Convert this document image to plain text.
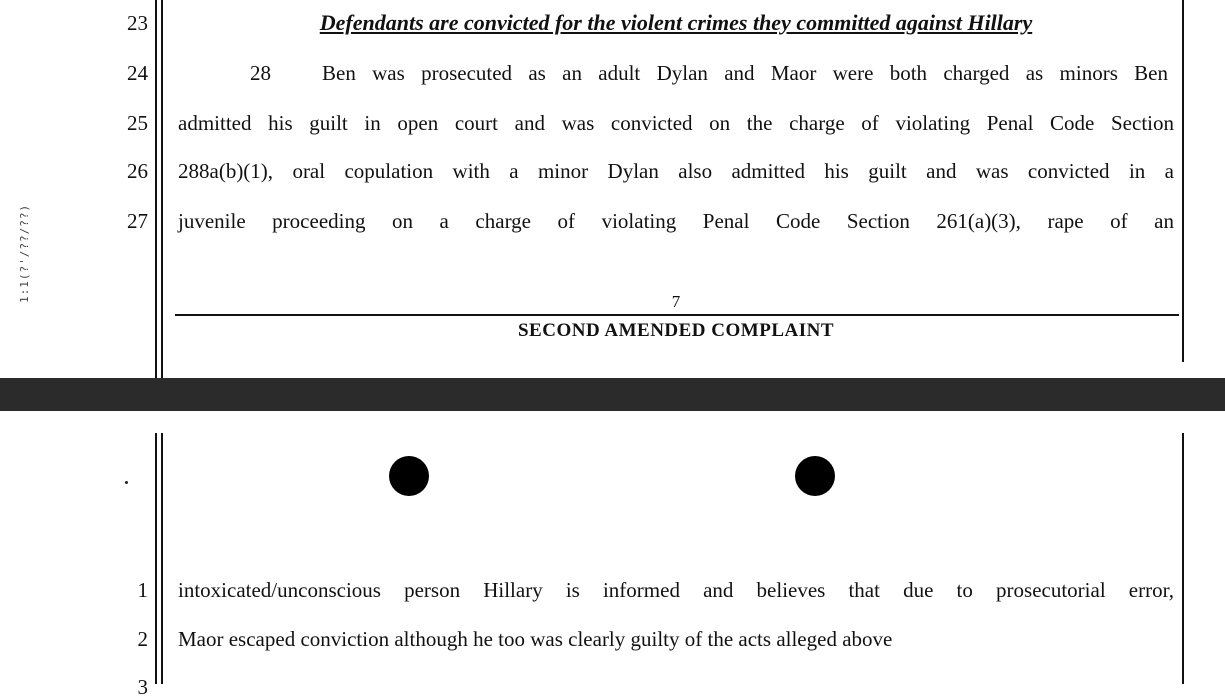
1:1(?'/??/??)
23
24
25
26
27
Defendants are convicted for the violent crimes they committed against Hillary
28 Ben was prosecuted as an adult Dylan and Maor were both charged as minors Ben
admitted his guilt in open court and was convicted on the charge of violating Penal Code Section
288a(b)(1), oral copulation with a minor Dylan also admitted his guilt and was convicted in a
juvenile proceeding on a charge of violating Penal Code Section 261(a)(3), rape of an
7
SECOND AMENDED COMPLAINT
1
2
3
intoxicated/unconscious person Hillary is informed and believes that due to prosecutorial error,
Maor escaped conviction although he too was clearly guilty of the acts alleged above
